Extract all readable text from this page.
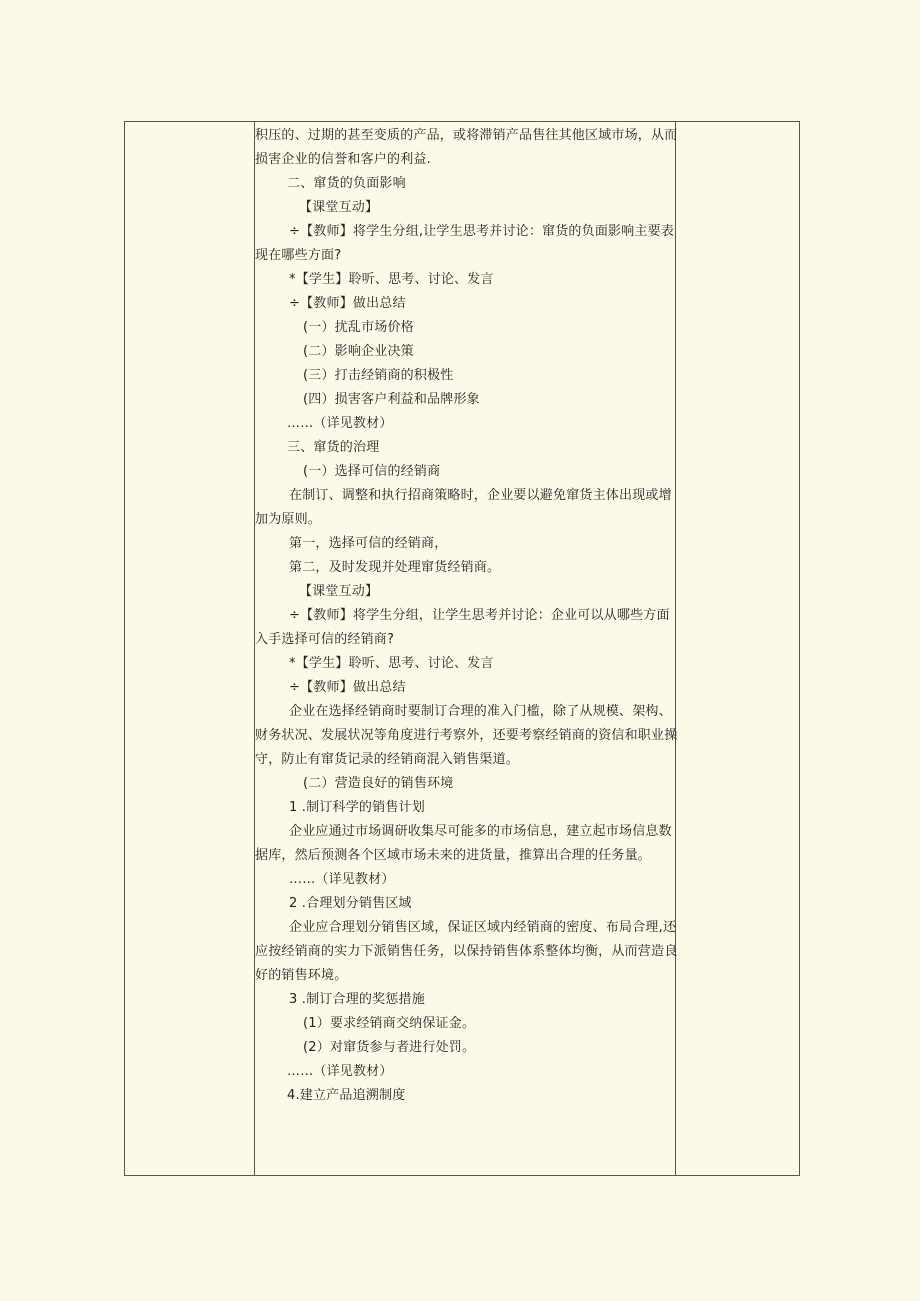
积压的、过期的甚至变质的产品，或将滞销产品售往其他区域市场，从而
损害企业的信誉和客户的利益.
二、窜货的负面影响
【课堂互动】
÷【教师】将学生分组,让学生思考并讨论：窜货的负面影响主要表
现在哪些方面?
*【学生】聆听、思考、讨论、发言
÷【教师】做出总结
(一）扰乱市场价格
(二）影响企业决策
(三）打击经销商的积极性
(四）损害客户利益和品牌形象
……（详见教材）
三、窜货的治理
(一）选择可信的经销商
在制订、调整和执行招商策略时，企业要以避免窜货主体出现或增
加为原则。
第一，选择可信的经销商，
第二，及时发现并处理窜货经销商。
【课堂互动】
÷【教师】将学生分组，让学生思考并讨论：企业可以从哪些方面
入手选择可信的经销商?
*【学生】聆听、思考、讨论、发言
÷【教师】做出总结
企业在选择经销商时要制订合理的准入门槛，除了从规模、架构、
财务状况、发展状况等角度进行考察外，还要考察经销商的资信和职业操
守，防止有窜货记录的经销商混入销售渠道。
(二）营造良好的销售环境
1 .制订科学的销售计划
企业应通过市场调研收集尽可能多的市场信息，建立起市场信息数
据库，然后预测各个区域市场未来的进货量，推算出合理的任务量。
……（详见教材）
2 .合理划分销售区域
企业应合理划分销售区域，保证区域内经销商的密度、布局合理,还
应按经销商的实力下派销售任务，以保持销售体系整体均衡，从而营造良
好的销售环境。
3 .制订合理的奖惩措施
(1）要求经销商交纳保证金。
(2）对窜货参与者进行处罚。
……（详见教材）
4.建立产品追溯制度
